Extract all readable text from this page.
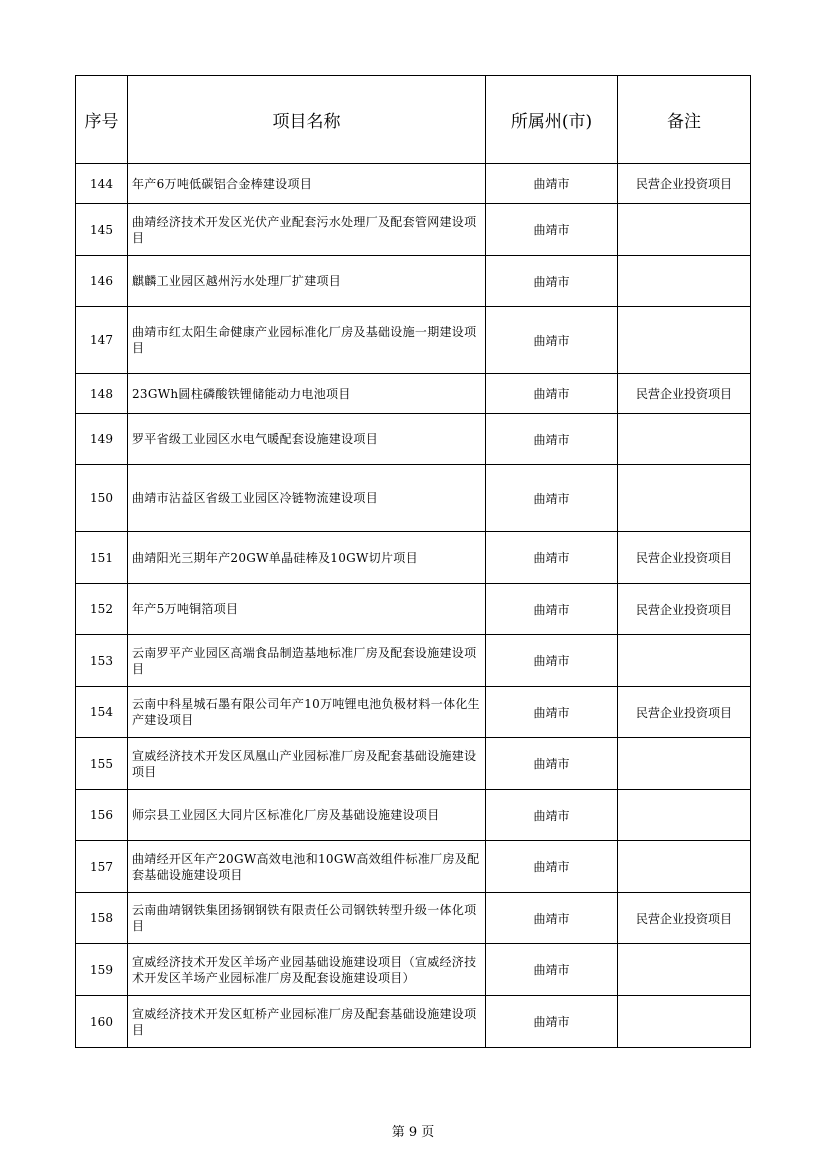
序号	项目名称	所属州(市)	备注
144	年产6万吨低碳铝合金棒建设项目	曲靖市	民营企业投资项目
145	曲靖经济技术开发区光伏产业配套污水处理厂及配套管网建设项目	曲靖市	
146	麒麟工业园区越州污水处理厂扩建项目	曲靖市	
147	曲靖市红太阳生命健康产业园标准化厂房及基础设施一期建设项目	曲靖市	
148	23GWh圆柱磷酸铁锂储能动力电池项目	曲靖市	民营企业投资项目
149	罗平省级工业园区水电气暖配套设施建设项目	曲靖市	
150	曲靖市沾益区省级工业园区冷链物流建设项目	曲靖市	
151	曲靖阳光三期年产20GW单晶硅棒及10GW切片项目	曲靖市	民营企业投资项目
152	年产5万吨铜箔项目	曲靖市	民营企业投资项目
153	云南罗平产业园区高端食品制造基地标准厂房及配套设施建设项目	曲靖市	
154	云南中科星城石墨有限公司年产10万吨锂电池负极材料一体化生产建设项目	曲靖市	民营企业投资项目
155	宣威经济技术开发区凤凰山产业园标准厂房及配套基础设施建设项目	曲靖市	
156	师宗县工业园区大同片区标准化厂房及基础设施建设项目	曲靖市	
157	曲靖经开区年产20GW高效电池和10GW高效组件标准厂房及配套基础设施建设项目	曲靖市	
158	云南曲靖钢铁集团扬钢钢铁有限责任公司钢铁转型升级一体化项目	曲靖市	民营企业投资项目
159	宣威经济技术开发区羊场产业园基础设施建设项目（宣威经济技术开发区羊场产业园标准厂房及配套设施建设项目）	曲靖市	
160	宣威经济技术开发区虹桥产业园标准厂房及配套基础设施建设项目	曲靖市	
第 9 页
